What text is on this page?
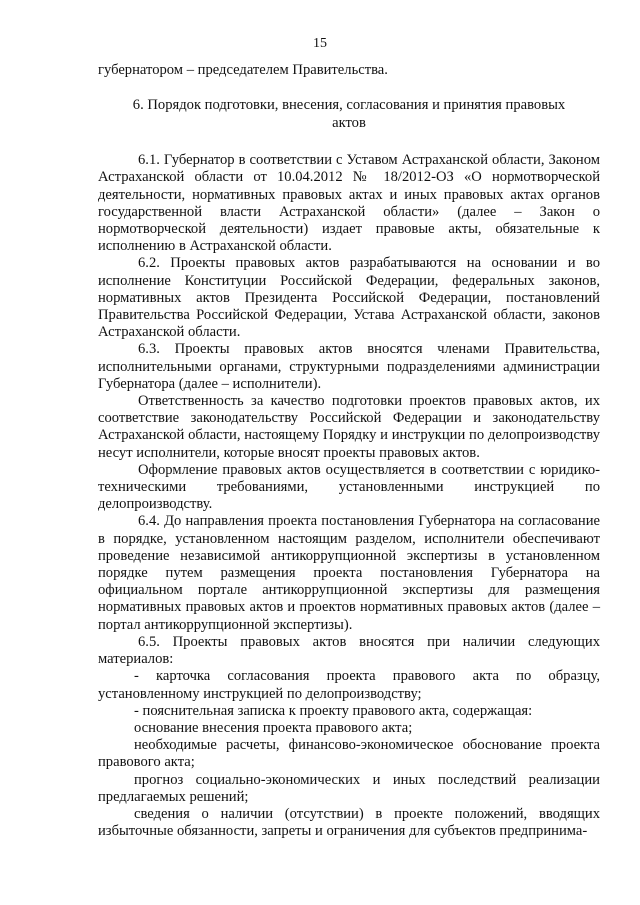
15

губернатором – председателем Правительства.

6. Порядок подготовки, внесения, согласования и принятия правовых актов

6.1. Губернатор в соответствии с Уставом Астраханской области, Законом Астраханской области от 10.04.2012 № 18/2012-ОЗ «О нормотворческой деятельности, нормативных правовых актах и иных правовых актах органов государственной власти Астраханской области» (далее – Закон о нормотворческой деятельности) издает правовые акты, обязательные к исполнению в Астраханской области.

6.2. Проекты правовых актов разрабатываются на основании и во исполнение Конституции Российской Федерации, федеральных законов, нормативных актов Президента Российской Федерации, постановлений Правительства Российской Федерации, Устава Астраханской области, законов Астраханской области.

6.3. Проекты правовых актов вносятся членами Правительства, исполнительными органами, структурными подразделениями администрации Губернатора (далее – исполнители).

Ответственность за качество подготовки проектов правовых актов, их соответствие законодательству Российской Федерации и законодательству Астраханской области, настоящему Порядку и инструкции по делопроизводству несут исполнители, которые вносят проекты правовых актов.

Оформление правовых актов осуществляется в соответствии с юридико-техническими требованиями, установленными инструкцией по делопроизводству.

6.4. До направления проекта постановления Губернатора на согласование в порядке, установленном настоящим разделом, исполнители обеспечивают проведение независимой антикоррупционной экспертизы в установленном порядке путем размещения проекта постановления Губернатора на официальном портале антикоррупционной экспертизы для размещения нормативных правовых актов и проектов нормативных правовых актов (далее – портал антикоррупционной экспертизы).

6.5. Проекты правовых актов вносятся при наличии следующих материалов:

- карточка согласования проекта правового акта по образцу, установленному инструкцией по делопроизводству;

- пояснительная записка к проекту правового акта, содержащая:

основание внесения проекта правового акта;

необходимые расчеты, финансово-экономическое обоснование проекта правового акта;

прогноз социально-экономических и иных последствий реализации предлагаемых решений;

сведения о наличии (отсутствии) в проекте положений, вводящих избыточные обязанности, запреты и ограничения для субъектов предпринима-
